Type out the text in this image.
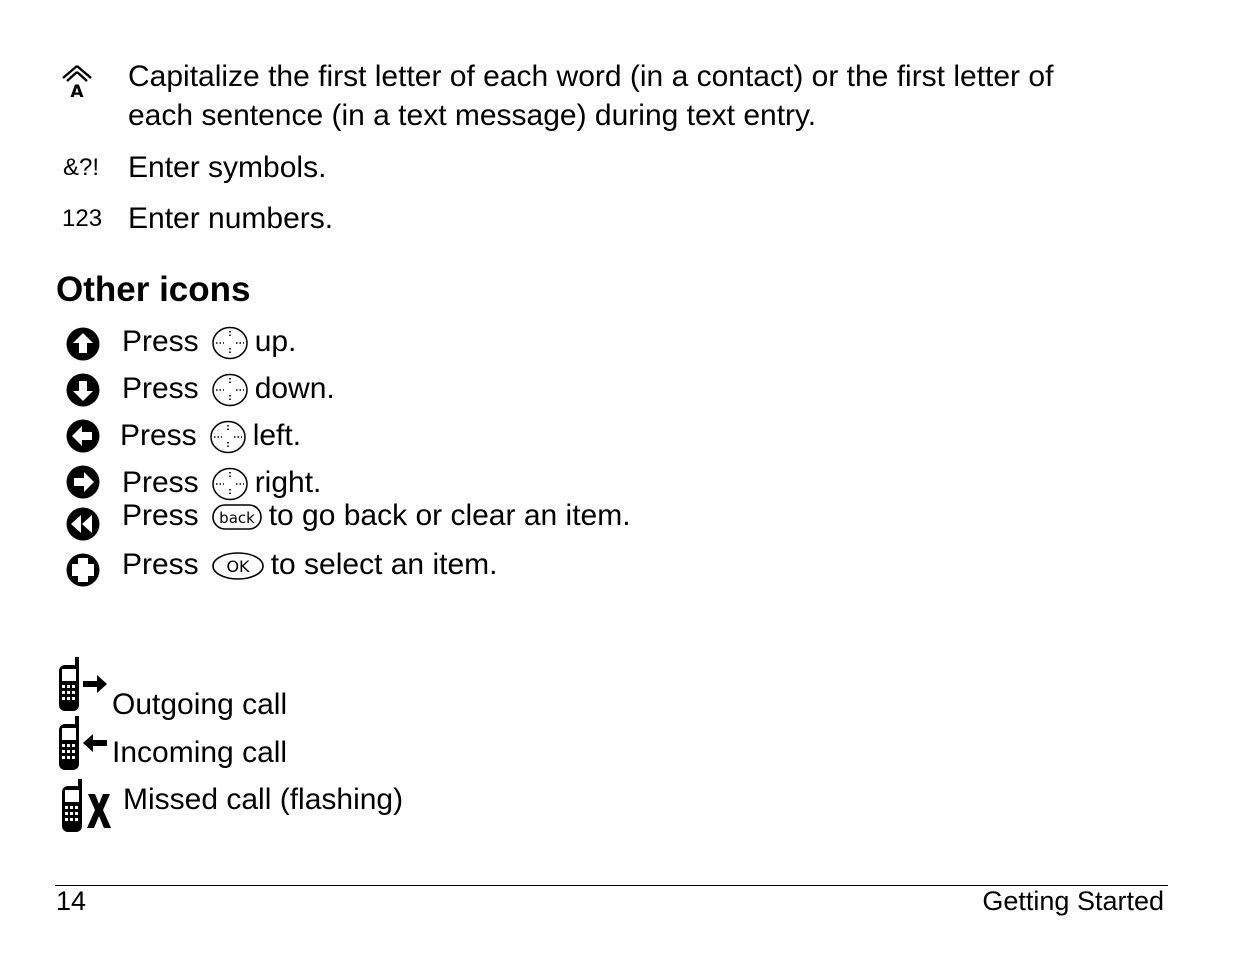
A Capitalize the first letter of each word (in a contact) or the first letter of
each sentence (in a text message) during text entry.
&?! Enter symbols.
123 Enter numbers.
Other icons
Press up.
Press down.
Press left.
Press right.
Press back to go back or clear an item.
Press OK to select an item.
Outgoing call
Incoming call
Missed call (flashing)
14	Getting Started
